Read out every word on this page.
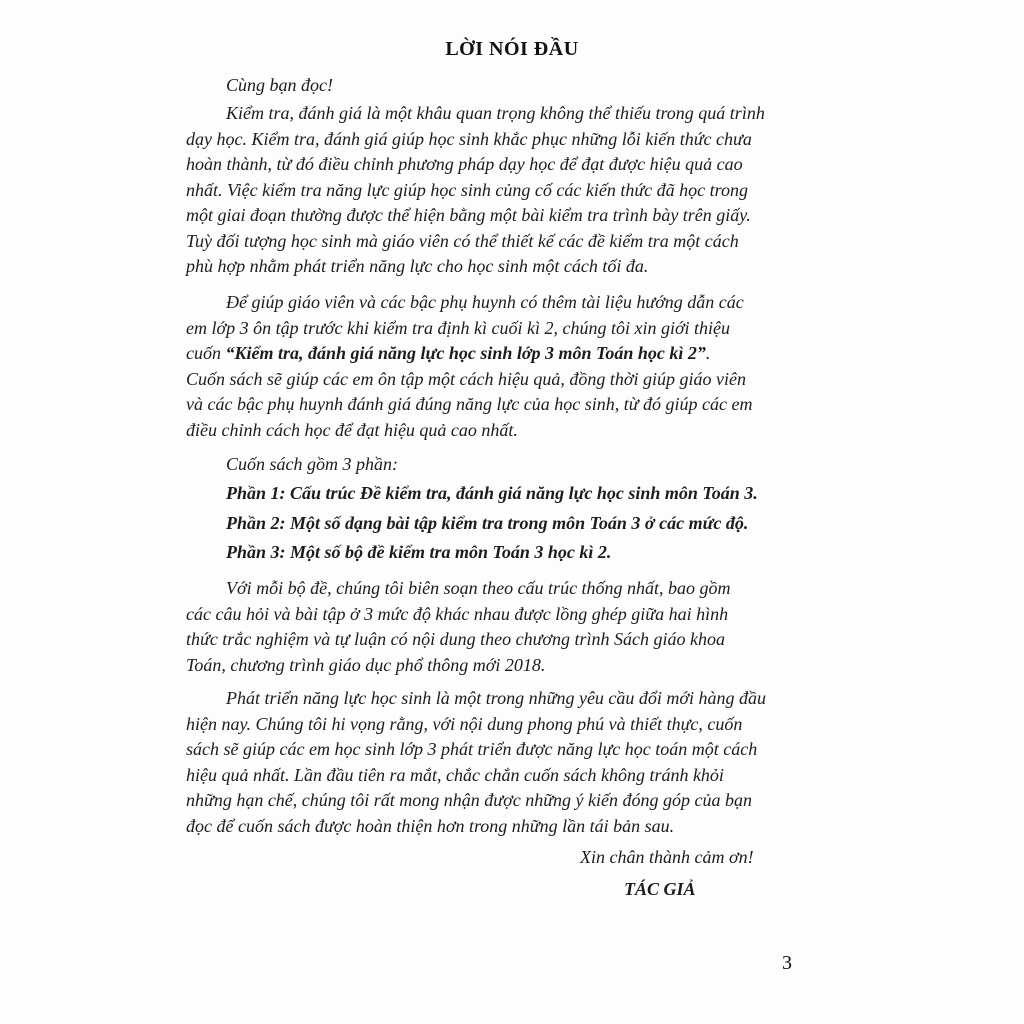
LỜI NÓI ĐẦU
Cùng bạn đọc!
Kiểm tra, đánh giá là một khâu quan trọng không thể thiếu trong quá trình
dạy học. Kiểm tra, đánh giá giúp học sinh khắc phục những lỗi kiến thức chưa
hoàn thành, từ đó điều chỉnh phương pháp dạy học để đạt được hiệu quả cao
nhất. Việc kiểm tra năng lực giúp học sinh củng cố các kiến thức đã học trong
một giai đoạn thường được thể hiện bằng một bài kiểm tra trình bày trên giấy.
Tuỳ đối tượng học sinh mà giáo viên có thể thiết kế các đề kiểm tra một cách
phù hợp nhằm phát triển năng lực cho học sinh một cách tối đa.
Để giúp giáo viên và các bậc phụ huynh có thêm tài liệu hướng dẫn các
em lớp 3 ôn tập trước khi kiểm tra định kì cuối kì 2, chúng tôi xin giới thiệu
cuốn “Kiểm tra, đánh giá năng lực học sinh lớp 3 môn Toán học kì 2”.
Cuốn sách sẽ giúp các em ôn tập một cách hiệu quả, đồng thời giúp giáo viên
và các bậc phụ huynh đánh giá đúng năng lực của học sinh, từ đó giúp các em
điều chỉnh cách học để đạt hiệu quả cao nhất.
Cuốn sách gồm 3 phần:
Phần 1: Cấu trúc Đề kiểm tra, đánh giá năng lực học sinh môn Toán 3.
Phần 2: Một số dạng bài tập kiểm tra trong môn Toán 3 ở các mức độ.
Phần 3: Một số bộ đề kiểm tra môn Toán 3 học kì 2.
Với mỗi bộ đề, chúng tôi biên soạn theo cấu trúc thống nhất, bao gồm
các câu hỏi và bài tập ở 3 mức độ khác nhau được lồng ghép giữa hai hình
thức trắc nghiệm và tự luận có nội dung theo chương trình Sách giáo khoa
Toán, chương trình giáo dục phổ thông mới 2018.
Phát triển năng lực học sinh là một trong những yêu cầu đổi mới hàng đầu
hiện nay. Chúng tôi hi vọng rằng, với nội dung phong phú và thiết thực, cuốn
sách sẽ giúp các em học sinh lớp 3 phát triển được năng lực học toán một cách
hiệu quả nhất. Lần đầu tiên ra mắt, chắc chắn cuốn sách không tránh khỏi
những hạn chế, chúng tôi rất mong nhận được những ý kiến đóng góp của bạn
đọc để cuốn sách được hoàn thiện hơn trong những lần tái bản sau.
Xin chân thành cảm ơn!
TÁC GIẢ
3
